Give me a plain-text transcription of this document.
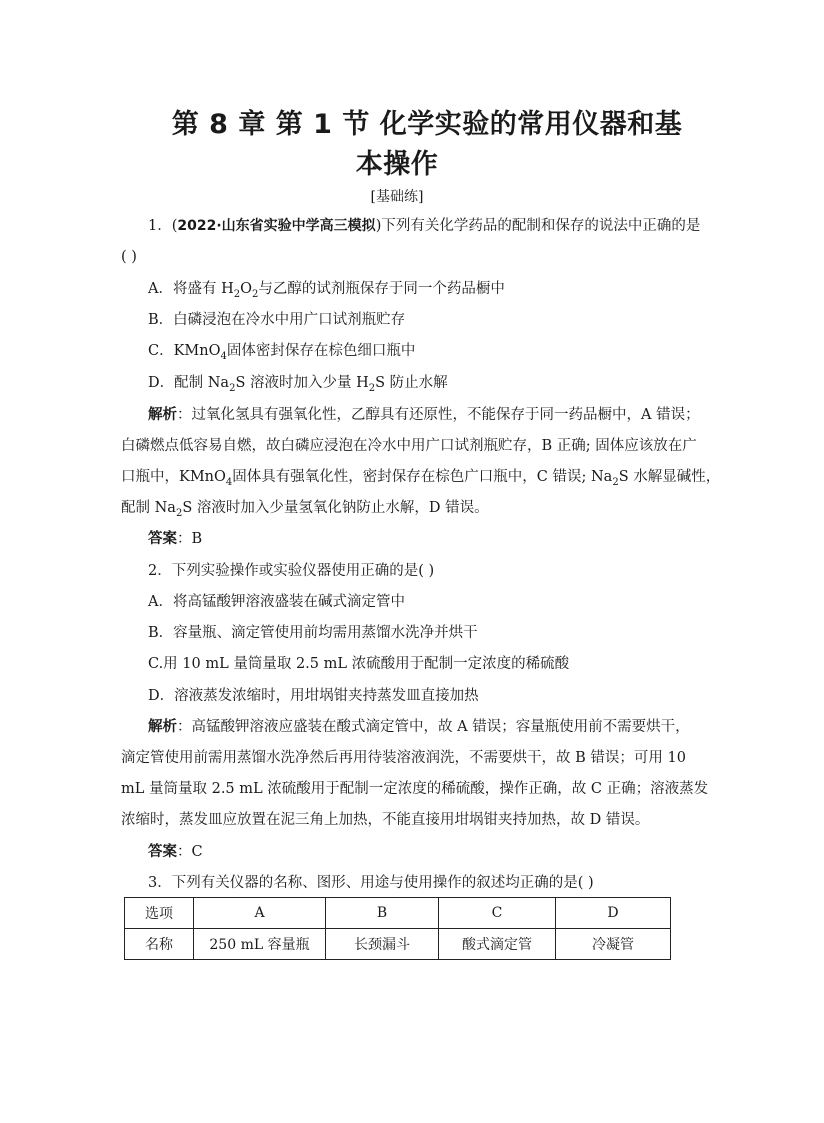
第 8 章 第 1 节 化学实验的常用仪器和基
本操作
[基础练]
1．(2022·山东省实验中学高三模拟)下列有关化学药品的配制和保存的说法中正确的是
( )
A．将盛有 $H_2O_2$与乙醇的试剂瓶保存于同一个药品橱中
B．白磷浸泡在冷水中用广口试剂瓶贮存
C．KMnO$_4$固体密封保存在棕色细口瓶中
D．配制 $Na_2S$ 溶液时加入少量 $H_2S$ 防止水解
解析：过氧化氢具有强氧化性，乙醇具有还原性，不能保存于同一药品橱中，A 错误；
白磷燃点低容易自燃，故白磷应浸泡在冷水中用广口试剂瓶贮存，B 正确; 固体应该放在广
口瓶中，KMnO$_4$固体具有强氧化性，密封保存在棕色广口瓶中，C 错误; $Na_2S$ 水解显碱性，
配制 $Na_2S$ 溶液时加入少量氢氧化钠防止水解，D 错误。
答案：B
2．下列实验操作或实验仪器使用正确的是( )
A．将高锰酸钾溶液盛装在碱式滴定管中
B．容量瓶、滴定管使用前均需用蒸馏水洗净并烘干
C.用 10 mL 量筒量取 2.5 mL 浓硫酸用于配制一定浓度的稀硫酸
D．溶液蒸发浓缩时，用坩埚钳夹持蒸发皿直接加热
解析：高锰酸钾溶液应盛装在酸式滴定管中，故 A 错误；容量瓶使用前不需要烘干，
滴定管使用前需用蒸馏水洗净然后再用待装溶液润洗，不需要烘干，故 B 错误；可用 10
mL 量筒量取 2.5 mL 浓硫酸用于配制一定浓度的稀硫酸，操作正确，故 C 正确；溶液蒸发
浓缩时，蒸发皿应放置在泥三角上加热，不能直接用坩埚钳夹持加热，故 D 错误。
答案：C
3．下列有关仪器的名称、图形、用途与使用操作的叙述均正确的是( )
选项	A	B	C	D
名称	250 mL 容量瓶	长颈漏斗	酸式滴定管	冷凝管
